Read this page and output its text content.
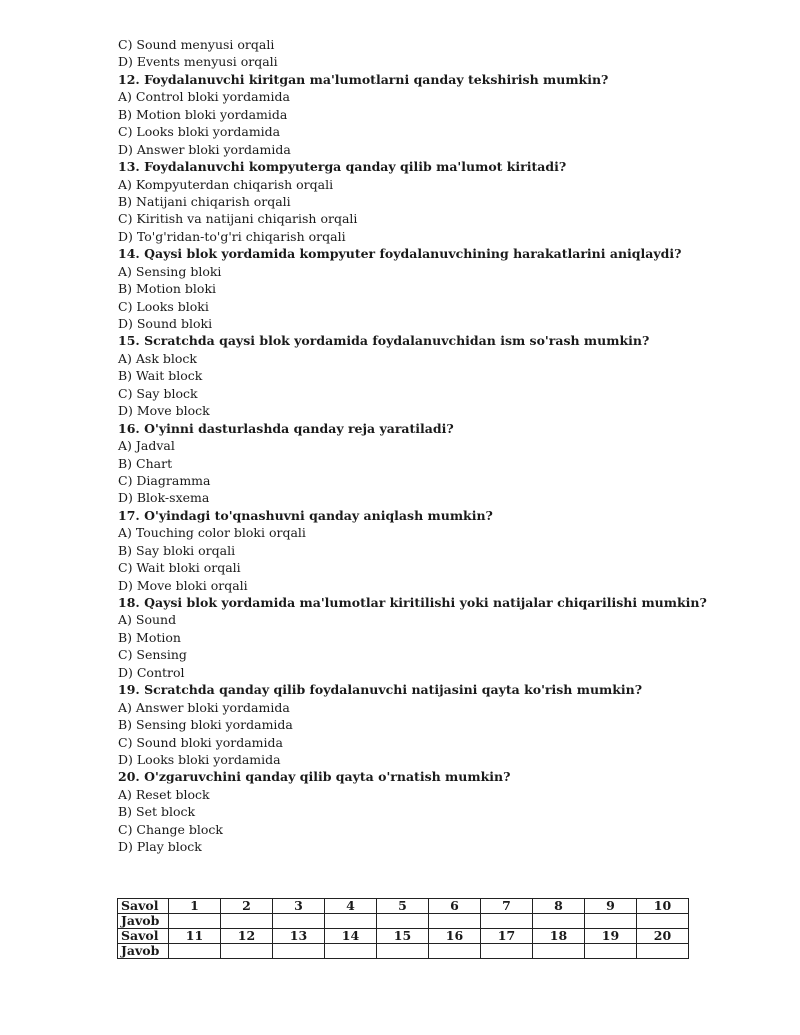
C) Sound menyusi orqali
D) Events menyusi orqali
12. Foydalanuvchi kiritgan ma'lumotlarni qanday tekshirish mumkin?
A) Control bloki yordamida
B) Motion bloki yordamida
C) Looks bloki yordamida
D) Answer bloki yordamida
13. Foydalanuvchi kompyuterga qanday qilib ma'lumot kiritadi?
A) Kompyuterdan chiqarish orqali
B) Natijani chiqarish orqali
C) Kiritish va natijani chiqarish orqali
D) To'g'ridan-to'g'ri chiqarish orqali
14. Qaysi blok yordamida kompyuter foydalanuvchining harakatlarini aniqlaydi?
A) Sensing bloki
B) Motion bloki
C) Looks bloki
D) Sound bloki
15. Scratchda qaysi blok yordamida foydalanuvchidan ism so'rash mumkin?
A) Ask block
B) Wait block
C) Say block
D) Move block
16. O'yinni dasturlashda qanday reja yaratiladi?
A) Jadval
B) Chart
C) Diagramma
D) Blok-sxema
17. O'yindagi to'qnashuvni qanday aniqlash mumkin?
A) Touching color bloki orqali
B) Say bloki orqali
C) Wait bloki orqali
D) Move bloki orqali
18. Qaysi blok yordamida ma'lumotlar kiritilishi yoki natijalar chiqarilishi mumkin?
A) Sound
B) Motion
C) Sensing
D) Control
19. Scratchda qanday qilib foydalanuvchi natijasini qayta ko'rish mumkin?
A) Answer bloki yordamida
B) Sensing bloki yordamida
C) Sound bloki yordamida
D) Looks bloki yordamida
20. O'zgaruvchini qanday qilib qayta o'rnatish mumkin?
A) Reset block
B) Set block
C) Change block
D) Play block
Savol	1	2	3	4	5	6	7	8	9	10
Javob										
Savol	11	12	13	14	15	16	17	18	19	20
Javob										
